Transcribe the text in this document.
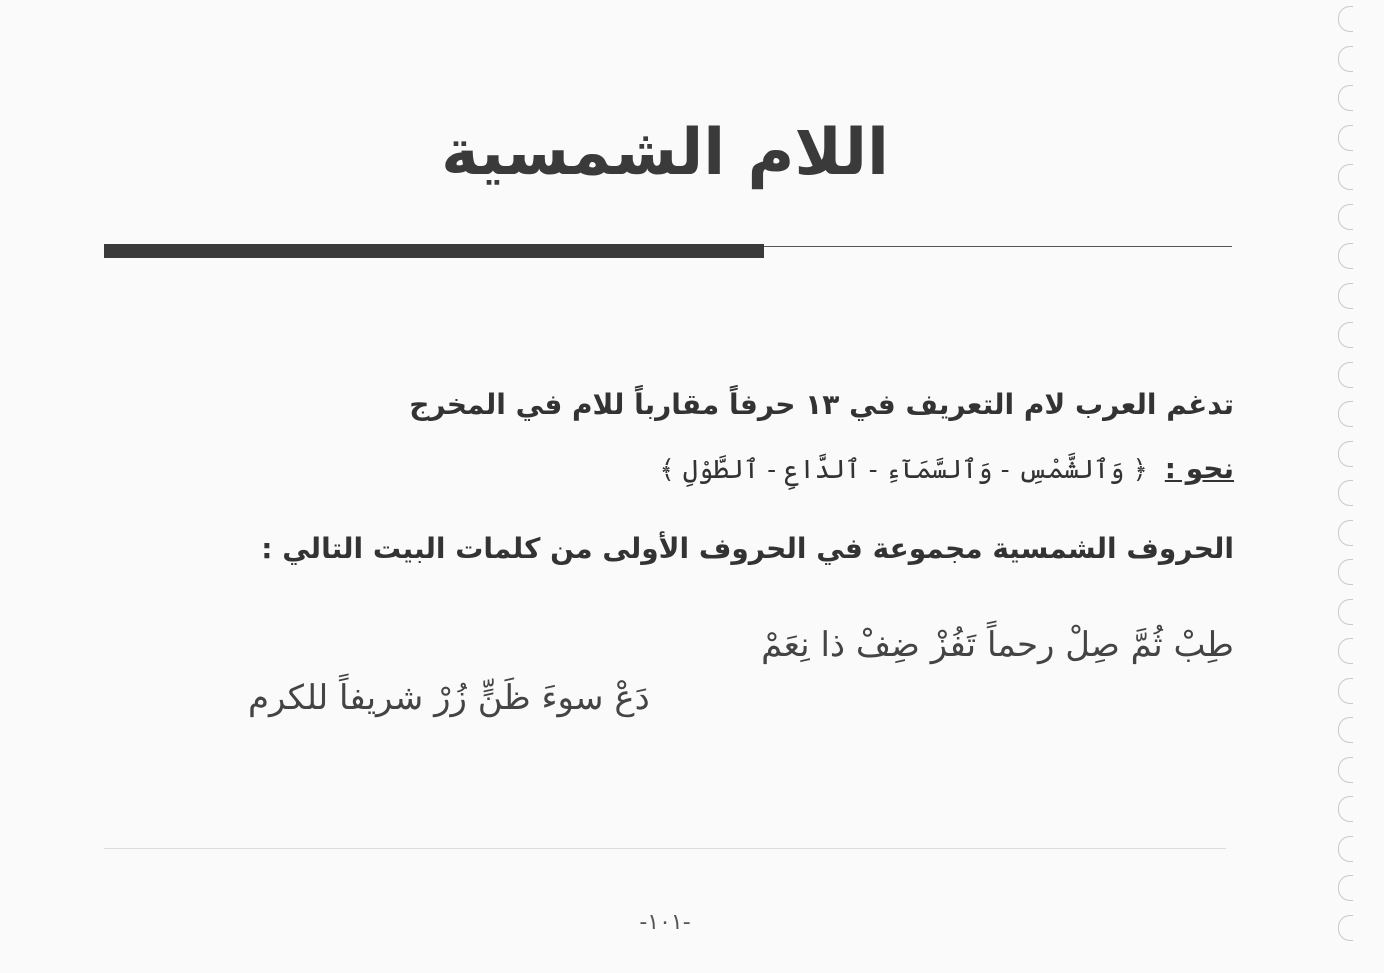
اللام الشمسية
تدغم العرب لام التعريف في ١٣ حرفاً مقارباً للام في المخرج
نحو : ﴿ وَٱلشَّمْسِ - وَٱلسَّمَآءِ - ٱلدَّاعِ - ٱلطَّوْلِ ﴾
الحروف الشمسية مجموعة في الحروف الأولى من كلمات البيت التالي :
طِبْ ثُمَّ صِلْ رحماً تَفُزْ ضِفْ ذا نِعَمْ
دَعْ سوءَ ظَنٍّ زُرْ شريفاً للكرم
-١٠١-
